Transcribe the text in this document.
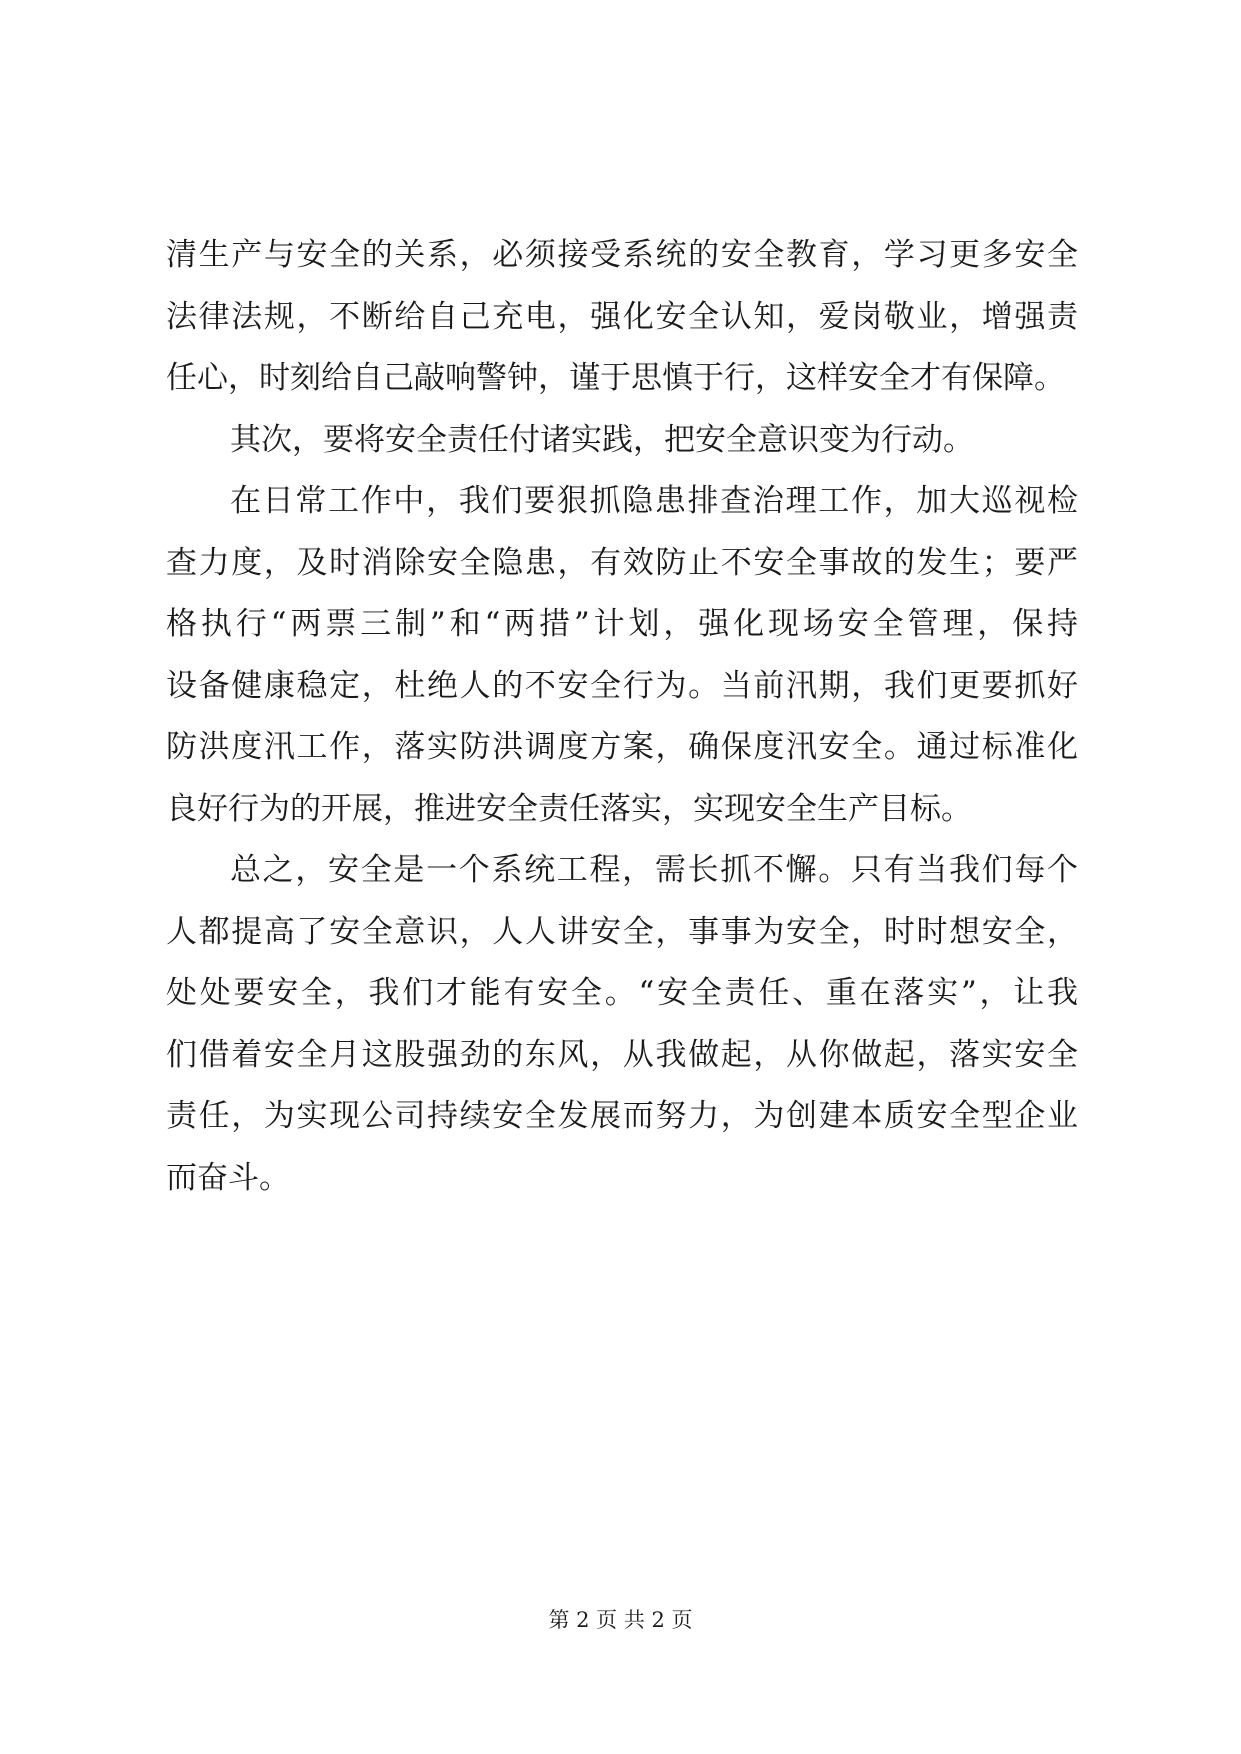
清生产与安全的关系，必须接受系统的安全教育，学习更多安全
法律法规，不断给自己充电，强化安全认知，爱岗敬业，增强责
任心，时刻给自己敲响警钟，谨于思慎于行，这样安全才有保障。
其次，要将安全责任付诸实践，把安全意识变为行动。
在日常工作中，我们要狠抓隐患排查治理工作，加大巡视检
查力度，及时消除安全隐患，有效防止不安全事故的发生；要严
格执行“两票三制”和“两措”计划，强化现场安全管理，保持
设备健康稳定，杜绝人的不安全行为。当前汛期，我们更要抓好
防洪度汛工作，落实防洪调度方案，确保度汛安全。通过标准化
良好行为的开展，推进安全责任落实，实现安全生产目标。
总之，安全是一个系统工程，需长抓不懈。只有当我们每个
人都提高了安全意识，人人讲安全，事事为安全，时时想安全，
处处要安全，我们才能有安全。“安全责任、重在落实”，让我
们借着安全月这股强劲的东风，从我做起，从你做起，落实安全
责任，为实现公司持续安全发展而努力，为创建本质安全型企业
而奋斗。
第 2 页 共 2 页
